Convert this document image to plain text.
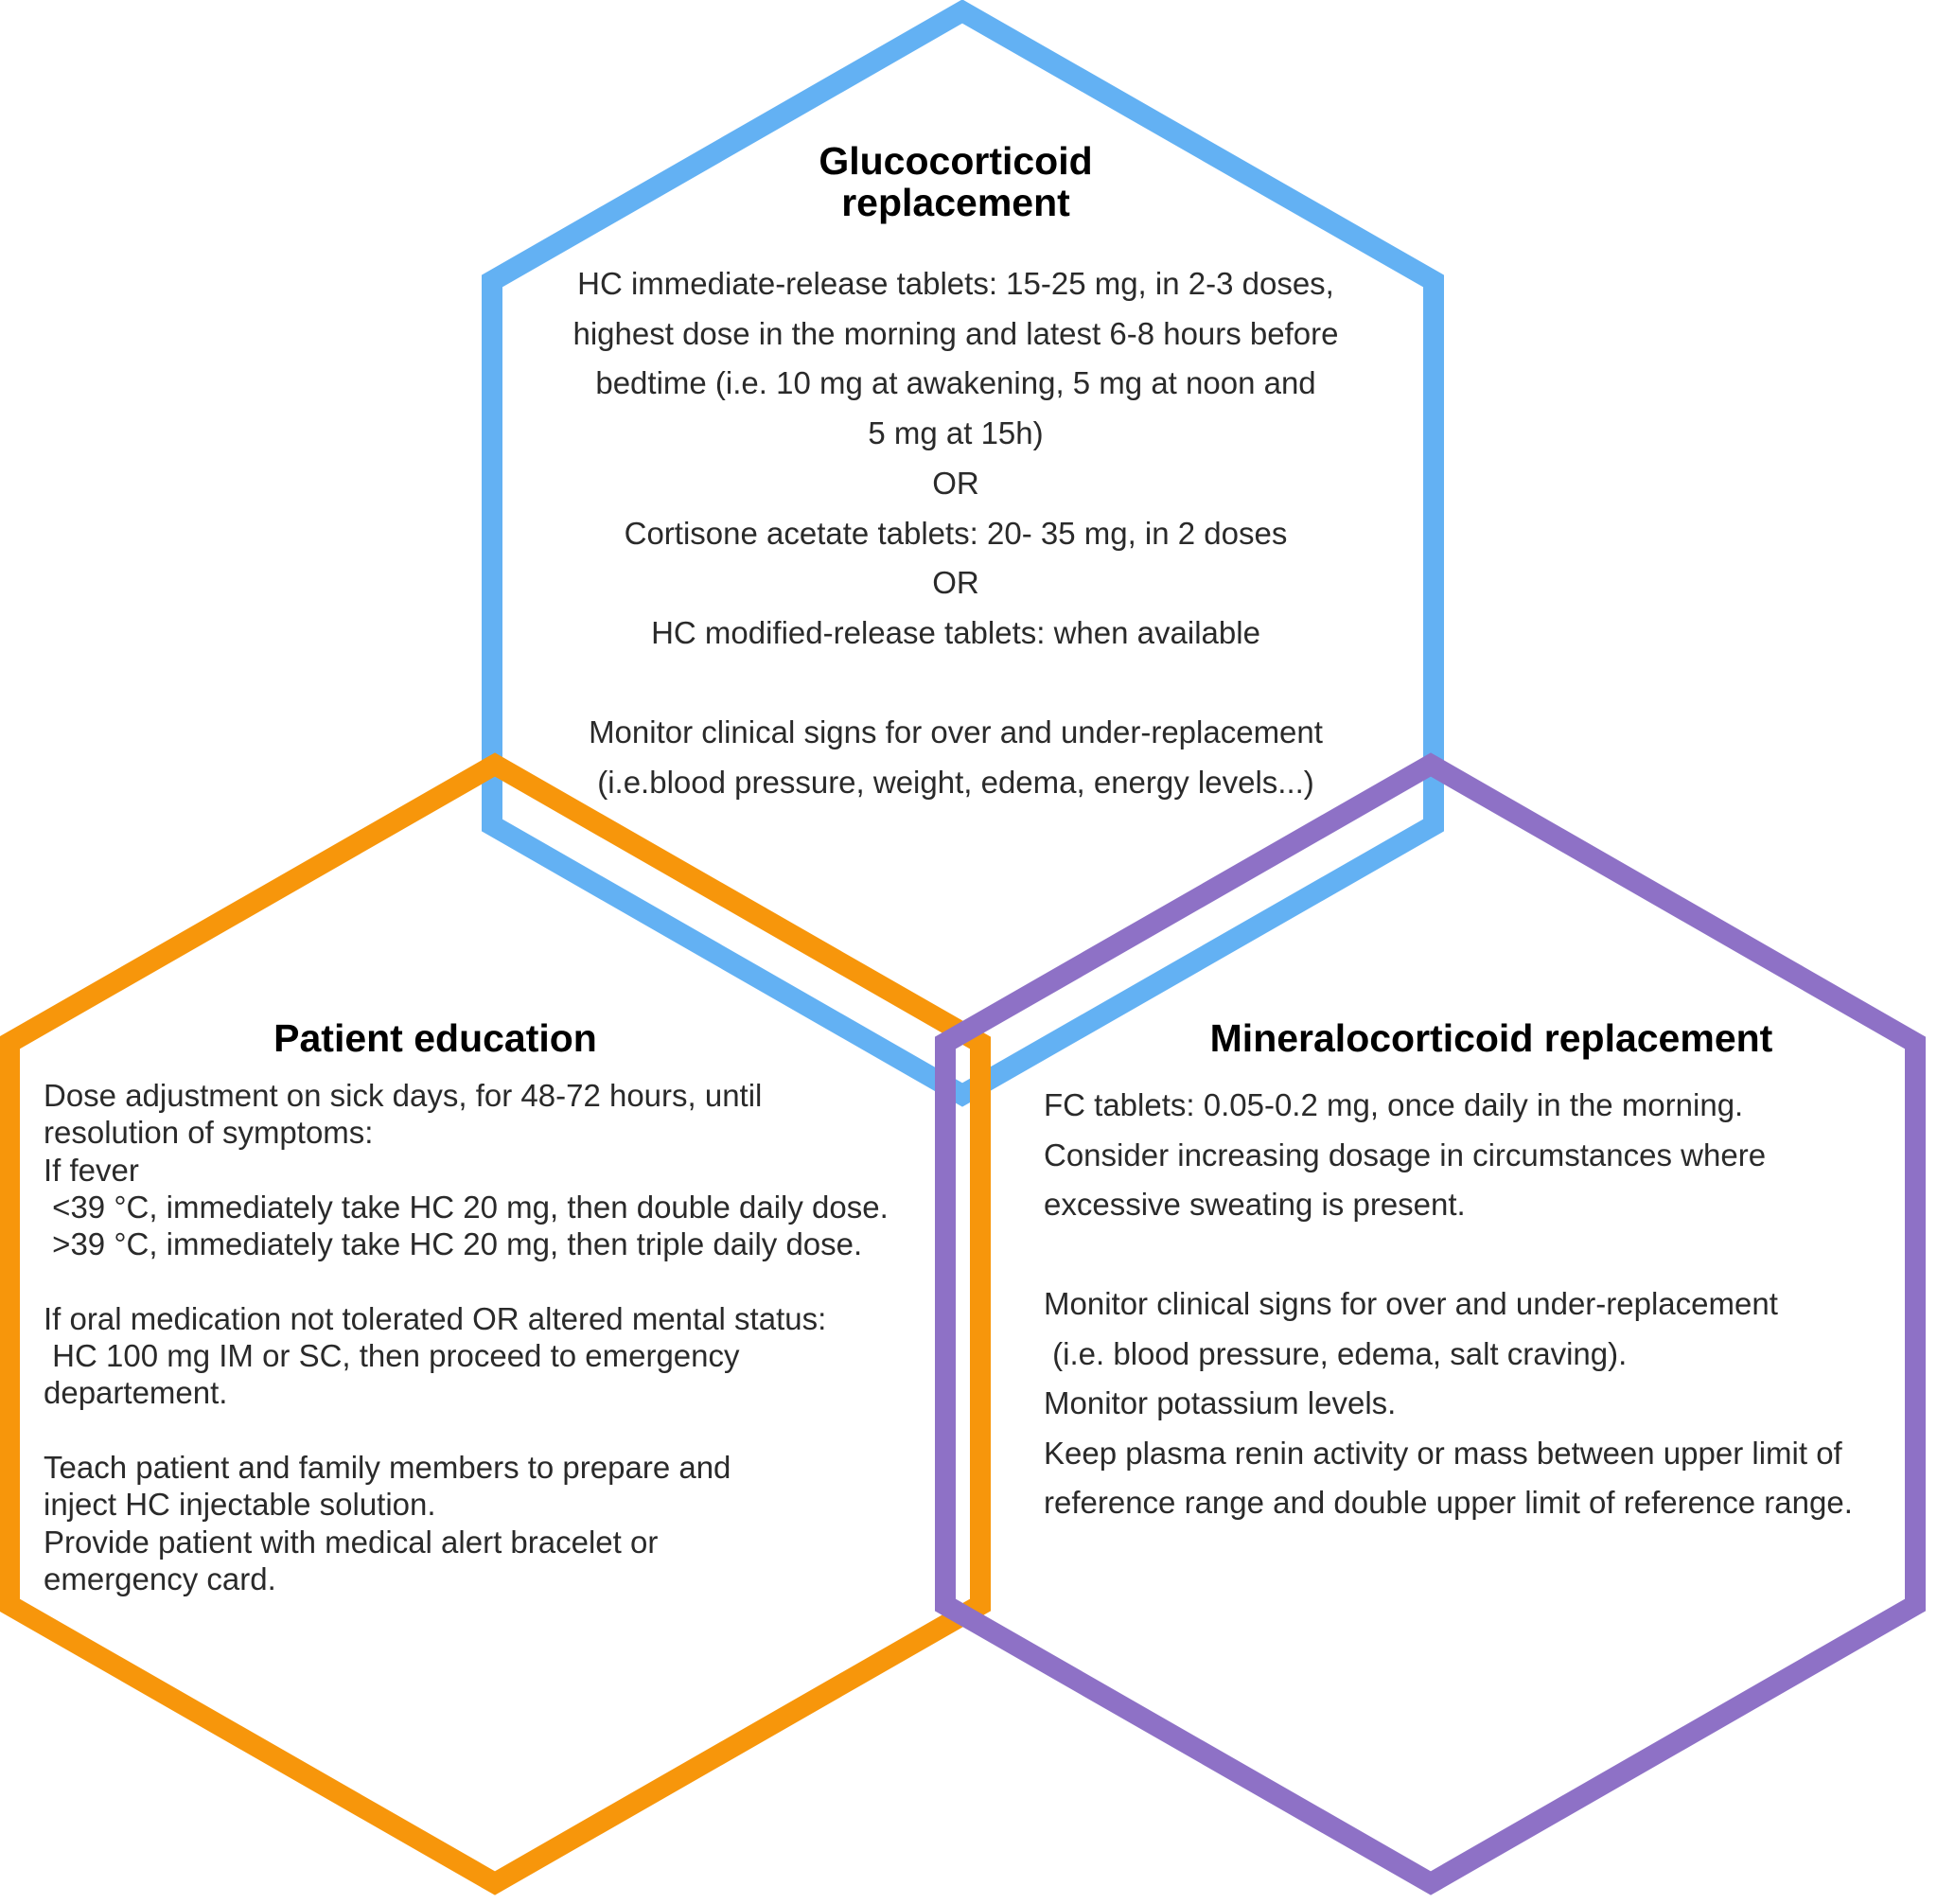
Glucocorticoid
replacement
HC immediate-release tablets: 15-25 mg, in 2-3 doses,
highest dose in the morning and latest 6-8 hours before
bedtime (i.e. 10 mg at awakening, 5 mg at noon and
5 mg at 15h)
OR
Cortisone acetate tablets: 20- 35 mg, in 2 doses
OR
HC modified-release tablets: when available
Monitor clinical signs for over and under-replacement
(i.e.blood pressure, weight, edema, energy levels...)
Patient education
Dose adjustment on sick days, for 48-72 hours, until
resolution of symptoms:
If fever
<39 °C, immediately take HC 20 mg, then double daily dose.
>39 °C, immediately take HC 20 mg, then triple daily dose.
If oral medication not tolerated OR altered mental status:
HC 100 mg IM or SC, then proceed to emergency
departement.
Teach patient and family members to prepare and
inject HC injectable solution.
Provide patient with medical alert bracelet or
emergency card.
Mineralocorticoid replacement
FC tablets: 0.05-0.2 mg, once daily in the morning.
Consider increasing dosage in circumstances where
excessive sweating is present.
Monitor clinical signs for over and under-replacement
(i.e. blood pressure, edema, salt craving).
Monitor potassium levels.
Keep plasma renin activity or mass between upper limit of
reference range and double upper limit of reference range.
